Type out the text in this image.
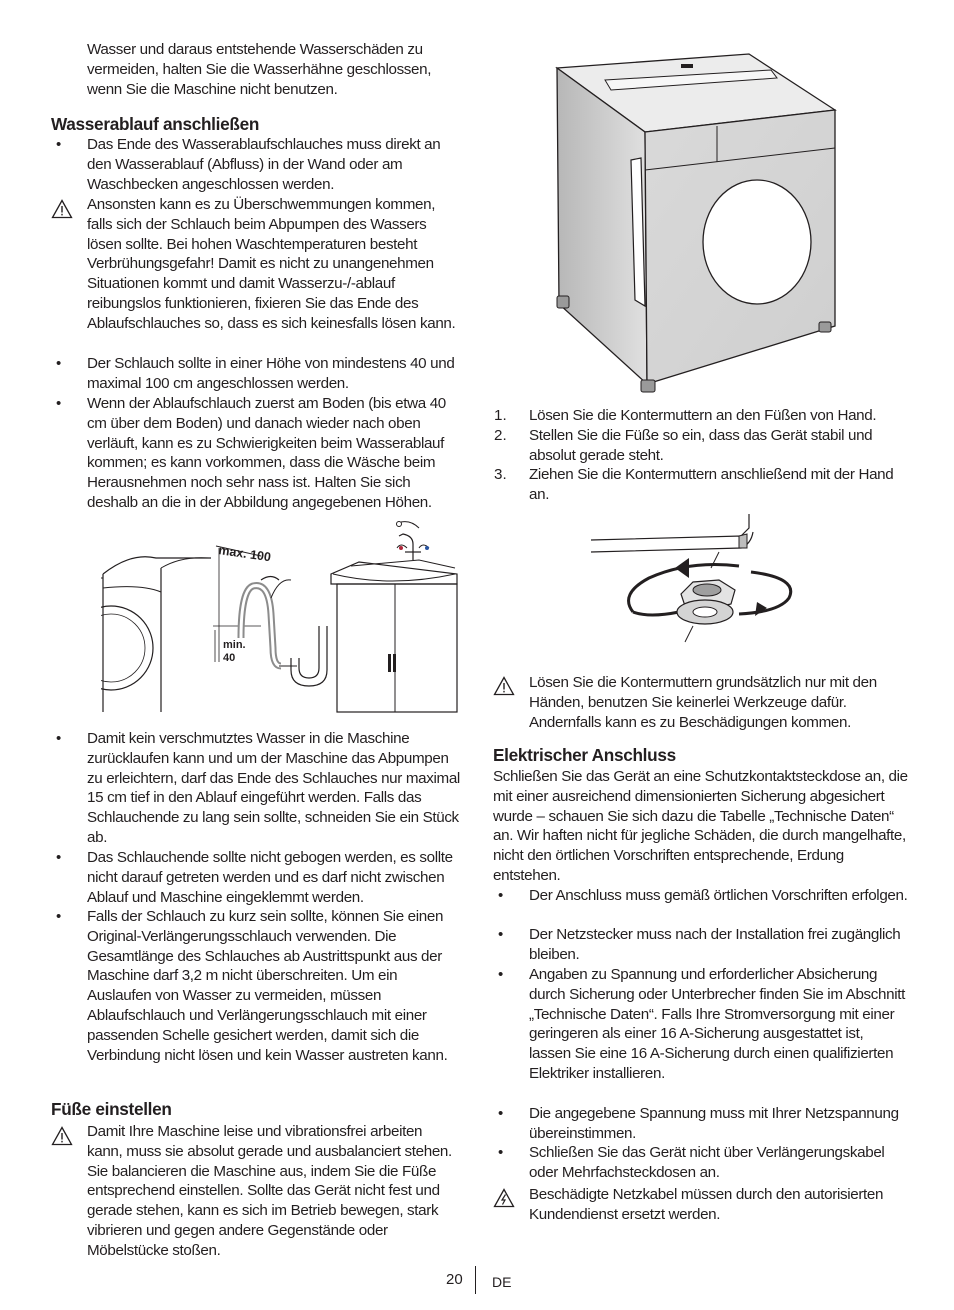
Wasser und daraus entstehende Wasserschäden zu vermeiden, halten Sie die Wasserhähne geschlossen, wenn Sie die Maschine nicht benutzen.
Wasserablauf anschließen
• Das Ende des Wasserablaufschlauches muss direkt an den Wasserablauf (Abfluss) in der Wand oder am Waschbecken angeschlossen werden.
Ansonsten kann es zu Überschwemmungen kommen, falls sich der Schlauch beim Abpumpen des Wassers lösen sollte. Bei hohen Waschtemperaturen besteht Verbrühungsgefahr! Damit es nicht zu unangenehmen Situationen kommt und damit Wasserzu-/-ablauf reibungslos funktionieren, fixieren Sie das Ende des Ablaufschlauches so, dass es sich keinesfalls lösen kann.
• Der Schlauch sollte in einer Höhe von mindestens 40 und maximal 100 cm angeschlossen werden.
• Wenn der Ablaufschlauch zuerst am Boden (bis etwa 40 cm über dem Boden) und danach wieder nach oben verläuft, kann es zu Schwierigkeiten beim Wasserablauf kommen; es kann vorkommen, dass die Wäsche beim Herausnehmen noch sehr nass ist. Halten Sie sich deshalb an die in der Abbildung angegebenen Höhen.
max. 100
min.
40
• Damit kein verschmutztes Wasser in die Maschine zurücklaufen kann und um der Maschine das Abpumpen zu erleichtern, darf das Ende des Schlauches nur maximal 15 cm tief in den Ablauf eingeführt werden. Falls das Schlauchende zu lang sein sollte, schneiden Sie ein Stück ab.
• Das Schlauchende sollte nicht gebogen werden, es sollte nicht darauf getreten werden und es darf nicht zwischen Ablauf und Maschine eingeklemmt werden.
• Falls der Schlauch zu kurz sein sollte, können Sie einen Original-Verlängerungsschlauch verwenden. Die Gesamtlänge des Schlauches ab Austrittspunkt aus der Maschine darf 3,2 m nicht überschreiten. Um ein Auslaufen von Wasser zu vermeiden, müssen Ablaufschlauch und Verlängerungsschlauch mit einer passenden Schelle gesichert werden, damit sich die Verbindung nicht lösen und kein Wasser austreten kann.
Füße einstellen
Damit Ihre Maschine leise und vibrationsfrei arbeiten kann, muss sie absolut gerade und ausbalanciert stehen. Sie balancieren die Maschine aus, indem Sie die Füße entsprechend einstellen. Sollte das Gerät nicht fest und gerade stehen, kann es sich im Betrieb bewegen, stark vibrieren und gegen andere Gegenstände oder Möbelstücke stoßen.
1. Lösen Sie die Kontermuttern an den Füßen von Hand.
2. Stellen Sie die Füße so ein, dass das Gerät stabil und absolut gerade steht.
3. Ziehen Sie die Kontermuttern anschließend mit der Hand an.
Lösen Sie die Kontermuttern grundsätzlich nur mit den Händen, benutzen Sie keinerlei Werkzeuge dafür. Andernfalls kann es zu Beschädigungen kommen.
Elektrischer Anschluss
Schließen Sie das Gerät an eine Schutzkontaktsteckdose an, die mit einer ausreichend dimensionierten Sicherung abgesichert wurde – schauen Sie sich dazu die Tabelle „Technische Daten“ an. Wir haften nicht für jegliche Schäden, die durch mangelhafte, nicht den örtlichen Vorschriften entsprechende, Erdung entstehen.
• Der Anschluss muss gemäß örtlichen Vorschriften erfolgen.
• Der Netzstecker muss nach der Installation frei zugänglich bleiben.
• Angaben zu Spannung und erforderlicher Absicherung durch Sicherung oder Unterbrecher finden Sie im Abschnitt „Technische Daten“. Falls Ihre Stromversorgung mit einer geringeren als einer 16 A-Sicherung ausgestattet ist, lassen Sie eine 16 A-Sicherung durch einen qualifizierten Elektriker installieren.
• Die angegebene Spannung muss mit Ihrer Netzspannung übereinstimmen.
• Schließen Sie das Gerät nicht über Verlängerungskabel oder Mehrfachsteckdosen an.
Beschädigte Netzkabel müssen durch den autorisierten Kundendienst ersetzt werden.
20 DE
